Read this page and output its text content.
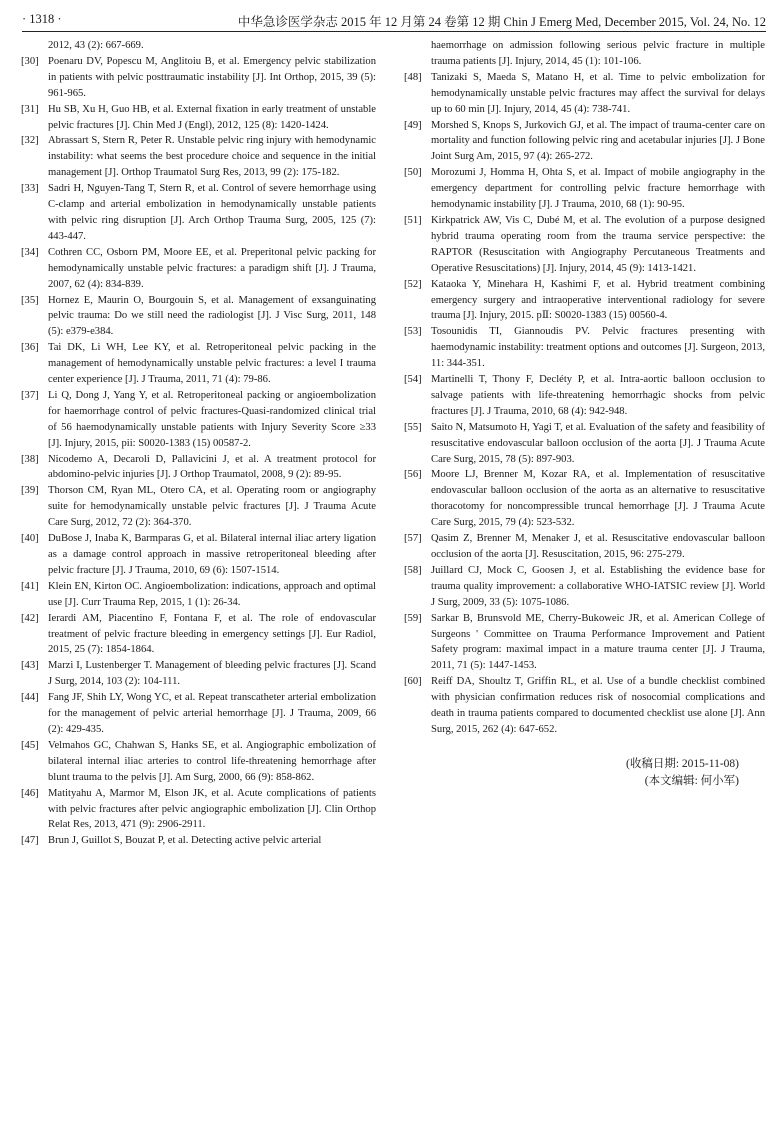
· 1318 ·	中华急诊医学杂志 2015 年 12 月第 24 卷第 12 期 Chin J Emerg Med, December 2015, Vol. 24, No. 12
2012, 43 (2): 667-669.
[30] Poenaru DV, Popescu M, Anglitoiu B, et al. Emergency pelvic stabilization in patients with pelvic posttraumatic instability [J]. Int Orthop, 2015, 39 (5): 961-965.
[31] Hu SB, Xu H, Guo HB, et al. External fixation in early treatment of unstable pelvic fractures [J]. Chin Med J (Engl), 2012, 125 (8): 1420-1424.
[32] Abrassart S, Stern R, Peter R. Unstable pelvic ring injury with hemodynamic instability: what seems the best procedure choice and sequence in the initial management [J]. Orthop Traumatol Surg Res, 2013, 99 (2): 175-182.
[33] Sadri H, Nguyen-Tang T, Stern R, et al. Control of severe hemorrhage using C-clamp and arterial embolization in hemodynamically unstable patients with pelvic ring disruption [J]. Arch Orthop Trauma Surg, 2005, 125 (7): 443-447.
[34] Cothren CC, Osborn PM, Moore EE, et al. Preperitonal pelvic packing for hemodynamically unstable pelvic fractures: a paradigm shift [J]. J Trauma, 2007, 62 (4): 834-839.
[35] Hornez E, Maurin O, Bourgouin S, et al. Management of exsanguinating pelvic trauma: Do we still need the radiologist [J]. J Visc Surg, 2011, 148 (5): e379-e384.
[36] Tai DK, Li WH, Lee KY, et al. Retroperitoneal pelvic packing in the management of hemodynamically unstable pelvic fractures: a level I trauma center experience [J]. J Trauma, 2011, 71 (4): 79-86.
[37] Li Q, Dong J, Yang Y, et al. Retroperitoneal packing or angioembolization for haemorrhage control of pelvic fractures-Quasi-randomized clinical trial of 56 haemodynamically unstable patients with Injury Severity Score ≥33 [J]. Injury, 2015, pii: S0020-1383 (15) 00587-2.
[38] Nicodemo A, Decaroli D, Pallavicini J, et al. A treatment protocol for abdomino-pelvic injuries [J]. J Orthop Traumatol, 2008, 9 (2): 89-95.
[39] Thorson CM, Ryan ML, Otero CA, et al. Operating room or angiography suite for hemodynamically unstable pelvic fractures [J]. J Trauma Acute Care Surg, 2012, 72 (2): 364-370.
[40] DuBose J, Inaba K, Barmparas G, et al. Bilateral internal iliac artery ligation as a damage control approach in massive retroperitoneal bleeding after pelvic fracture [J]. J Trauma, 2010, 69 (6): 1507-1514.
[41] Klein EN, Kirton OC. Angioembolization: indications, approach and optimal use [J]. Curr Trauma Rep, 2015, 1 (1): 26-34.
[42] Ierardi AM, Piacentino F, Fontana F, et al. The role of endovascular treatment of pelvic fracture bleeding in emergency settings [J]. Eur Radiol, 2015, 25 (7): 1854-1864.
[43] Marzi I, Lustenberger T. Management of bleeding pelvic fractures [J]. Scand J Surg, 2014, 103 (2): 104-111.
[44] Fang JF, Shih LY, Wong YC, et al. Repeat transcatheter arterial embolization for the management of pelvic arterial hemorrhage [J]. J Trauma, 2009, 66 (2): 429-435.
[45] Velmahos GC, Chahwan S, Hanks SE, et al. Angiographic embolization of bilateral internal iliac arteries to control life-threatening hemorrhage after blunt trauma to the pelvis [J]. Am Surg, 2000, 66 (9): 858-862.
[46] Matityahu A, Marmor M, Elson JK, et al. Acute complications of patients with pelvic fractures after pelvic angiographic embolization [J]. Clin Orthop Relat Res, 2013, 471 (9): 2906-2911.
[47] Brun J, Guillot S, Bouzat P, et al. Detecting active pelvic arterial
haemorrhage on admission following serious pelvic fracture in multiple trauma patients [J]. Injury, 2014, 45 (1): 101-106.
[48] Tanizaki S, Maeda S, Matano H, et al. Time to pelvic embolization for hemodynamically unstable pelvic fractures may affect the survival for delays up to 60 min [J]. Injury, 2014, 45 (4): 738-741.
[49] Morshed S, Knops S, Jurkovich GJ, et al. The impact of trauma-center care on mortality and function following pelvic ring and acetabular injuries [J]. J Bone Joint Surg Am, 2015, 97 (4): 265-272.
[50] Morozumi J, Homma H, Ohta S, et al. Impact of mobile angiography in the emergency department for controlling pelvic fracture hemorrhage with hemodynamic instability [J]. J Trauma, 2010, 68 (1): 90-95.
[51] Kirkpatrick AW, Vis C, Dubé M, et al. The evolution of a purpose designed hybrid trauma operating room from the trauma service perspective: the RAPTOR (Resuscitation with Angiography Percutaneous Treatments and Operative Resuscitations) [J]. Injury, 2014, 45 (9): 1413-1421.
[52] Kataoka Y, Minehara H, Kashimi F, et al. Hybrid treatment combining emergency surgery and intraoperative interventional radiology for severe trauma [J]. Injury, 2015. pⅡ: S0020-1383 (15) 00560-4.
[53] Tosounidis TI, Giannoudis PV. Pelvic fractures presenting with haemodynamic instability: treatment options and outcomes [J]. Surgeon, 2013, 11: 344-351.
[54] Martinelli T, Thony F, Decléty P, et al. Intra-aortic balloon occlusion to salvage patients with life-threatening hemorrhagic shocks from pelvic fractures [J]. J Trauma, 2010, 68 (4): 942-948.
[55] Saito N, Matsumoto H, Yagi T, et al. Evaluation of the safety and feasibility of resuscitative endovascular balloon occlusion of the aorta [J]. J Trauma Acute Care Surg, 2015, 78 (5): 897-903.
[56] Moore LJ, Brenner M, Kozar RA, et al. Implementation of resuscitative endovascular balloon occlusion of the aorta as an alternative to resuscitative thoracotomy for noncompressible truncal hemorrhage [J]. J Trauma Acute Care Surg, 2015, 79 (4): 523-532.
[57] Qasim Z, Brenner M, Menaker J, et al. Resuscitative endovascular balloon occlusion of the aorta [J]. Resuscitation, 2015, 96: 275-279.
[58] Juillard CJ, Mock C, Goosen J, et al. Establishing the evidence base for trauma quality improvement: a collaborative WHO-IATSIC review [J]. World J Surg, 2009, 33 (5): 1075-1086.
[59] Sarkar B, Brunsvold ME, Cherry-Bukoweic JR, et al. American College of Surgeons ' Committee on Trauma Performance Improvement and Patient Safety program: maximal impact in a mature trauma center [J]. J Trauma, 2011, 71 (5): 1447-1453.
[60] Reiff DA, Shoultz T, Griffin RL, et al. Use of a bundle checklist combined with physician confirmation reduces risk of nosocomial complications and death in trauma patients compared to documented checklist use alone [J]. Ann Surg, 2015, 262 (4): 647-652.
(收稿日期: 2015-11-08)
(本文编辑: 何小军)
